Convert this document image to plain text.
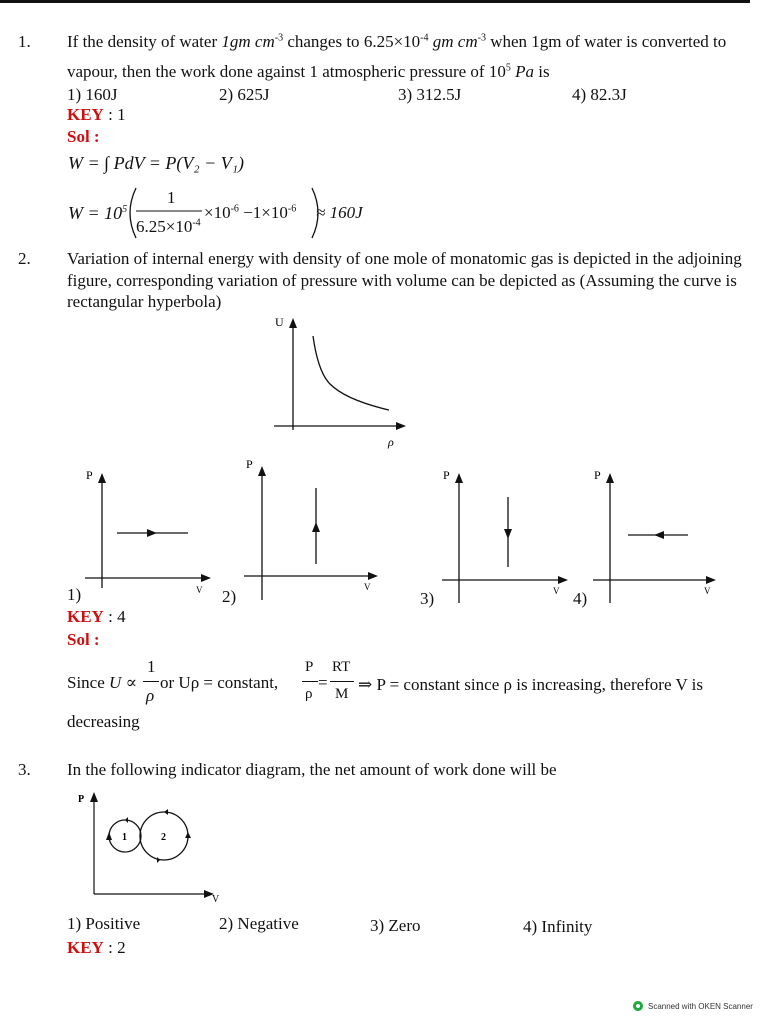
1. If the density of water 1gm $cm^{-3}$ changes to $6.25\times 10^{-4}$ gm $cm^{-3}$ when 1gm of water is converted to
vapour, then the work done against 1 atmospheric pressure of $10^5$ Pa is
1) 160J	2) 625J	3) 312.5J	4) 82.3J
KEY : 1
Sol :
W = ∫ PdV = P(V₂ − V₁)
$W = 10^5$
1
$6.25\times 10^{-4}$
$\times 10^{-6} -1\times 10^{-6} \approx 160J$
2. Variation of internal energy with density of one mole of monatomic gas is depicted in the adjoining
figure, corresponding variation of pressure with volume can be depicted as (Assuming the curve is
rectangular hyperbola)
U
ρ
P
V
1)
P
V
2)
P
V
3)
P
V
4)
KEY : 4
Sol :
Since U ∝
1
ρ
or Uρ = constant,
P
ρ
=
RT
M ⇒ P = constant since ρ is increasing, therefore V is
decreasing
3. In the following indicator diagram, the net amount of work done will be
P
V
1	2
1) Positive	2) Negative	3) Zero	4) Infinity
KEY : 2
Scanned with OKEN Scanner
